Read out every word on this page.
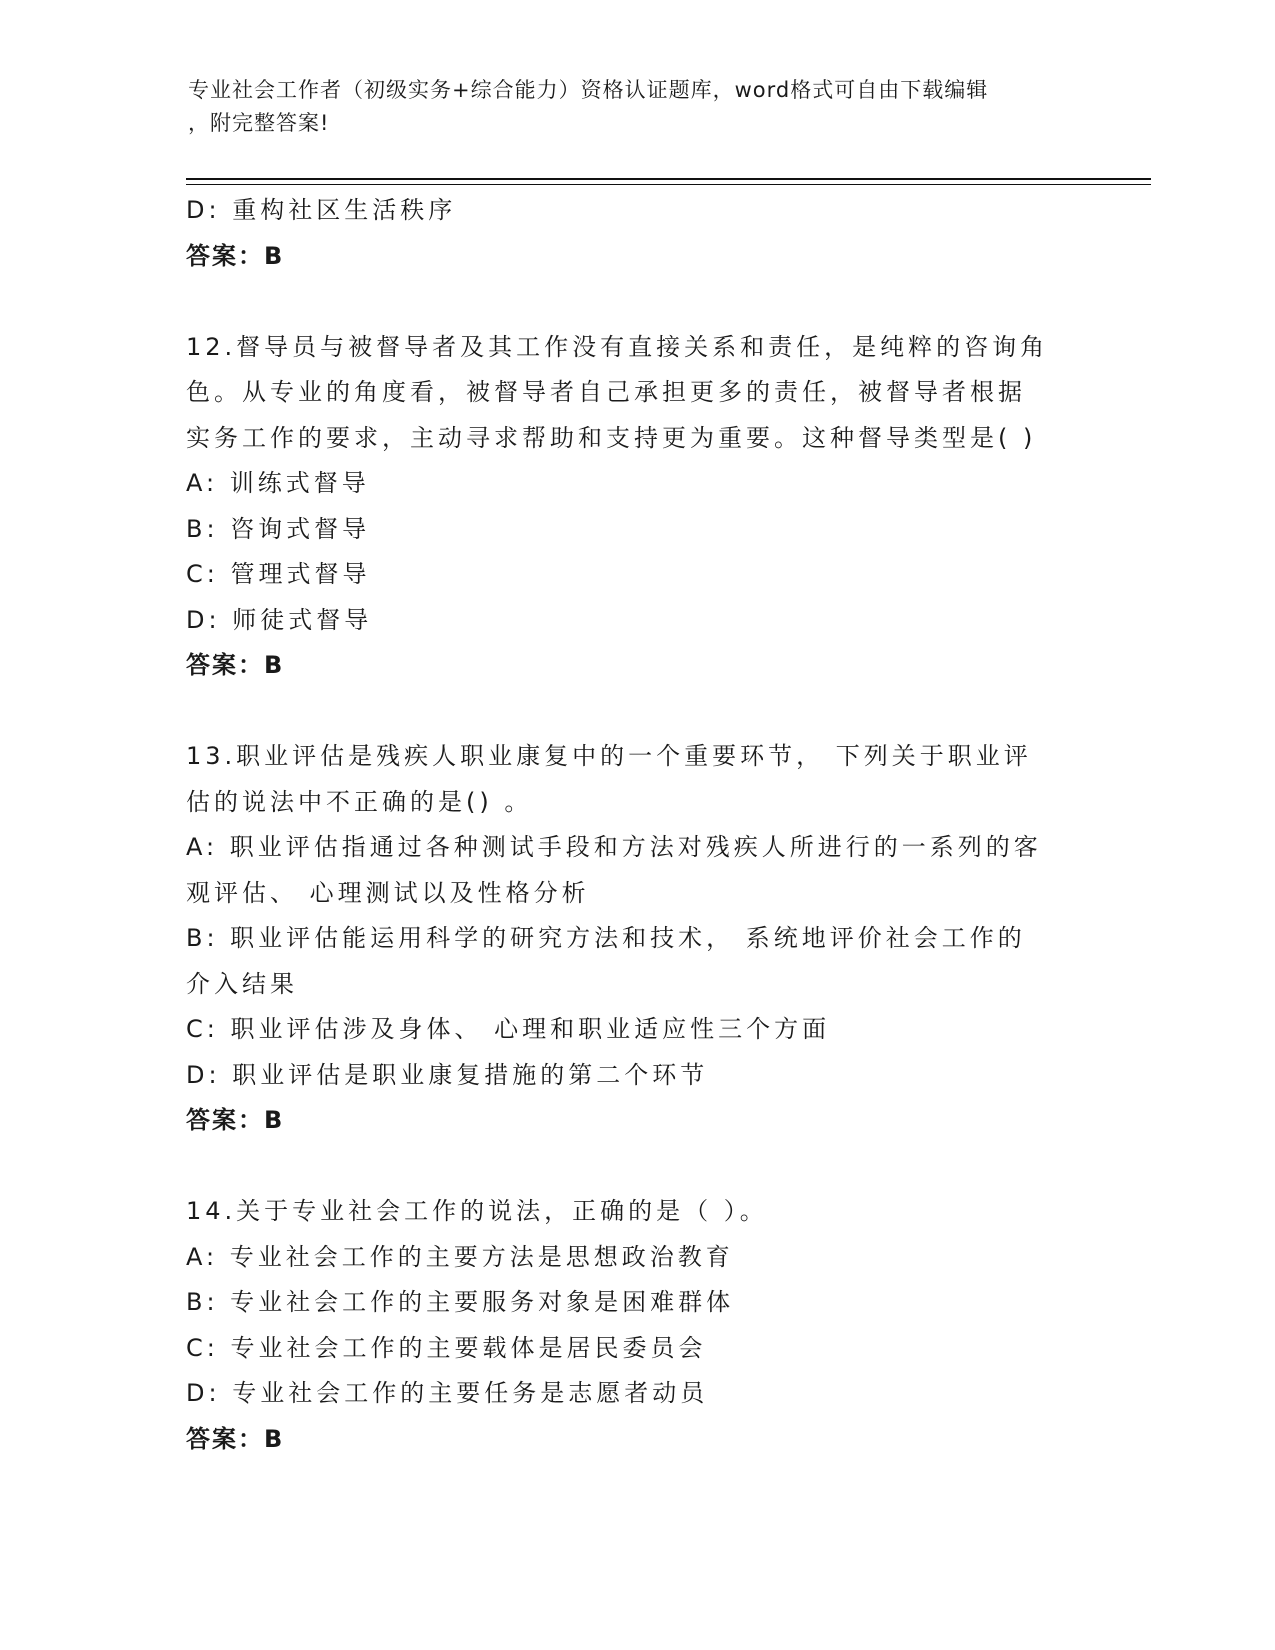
专业社会工作者（初级实务+综合能力）资格认证题库，word格式可自由下载编辑
，附完整答案!
D: 重构社区生活秩序
答案：B
12.督导员与被督导者及其工作没有直接关系和责任，是纯粹的咨询角
色。从专业的角度看，被督导者自己承担更多的责任，被督导者根据
实务工作的要求，主动寻求帮助和支持更为重要。这种督导类型是( )
A: 训练式督导
B: 咨询式督导
C: 管理式督导
D: 师徒式督导
答案：B
13.职业评估是残疾人职业康复中的一个重要环节， 下列关于职业评
估的说法中不正确的是() 。
A: 职业评估指通过各种测试手段和方法对残疾人所进行的一系列的客
观评估、 心理测试以及性格分析
B: 职业评估能运用科学的研究方法和技术， 系统地评价社会工作的
介入结果
C: 职业评估涉及身体、 心理和职业适应性三个方面
D: 职业评估是职业康复措施的第二个环节
答案：B
14.关于专业社会工作的说法，正确的是（ ）。
A: 专业社会工作的主要方法是思想政治教育
B: 专业社会工作的主要服务对象是困难群体
C: 专业社会工作的主要载体是居民委员会
D: 专业社会工作的主要任务是志愿者动员
答案：B
